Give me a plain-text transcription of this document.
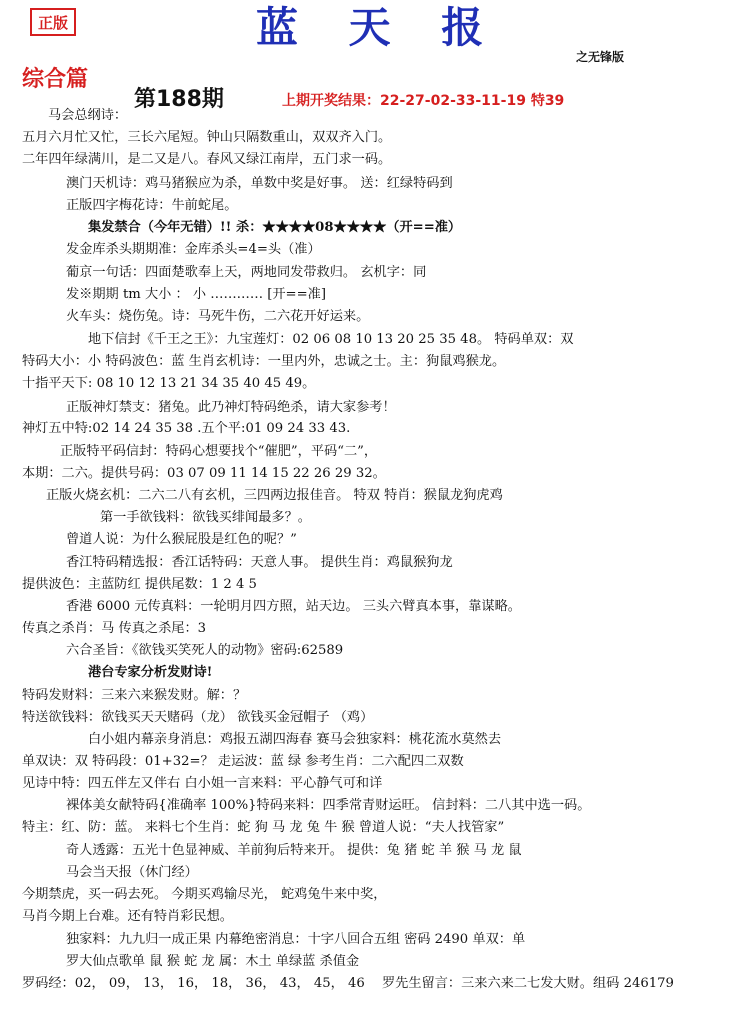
正版	蓝 天 报
之无锋版
综合篇
第188期	上期开奖结果：22-27-02-33-11-19 特39
马会总纲诗：
五月六月忙又忙，三长六尾短。钟山只隔数重山，双双齐入门。
二年四年绿满川，是二又是八。春风又绿江南岸，五门求一码。
澳门天机诗：鸡马猪猴应为杀，单数中奖是好事。 送：红绿特码到
正版四字梅花诗：牛前蛇尾。
集发禁合（今年无错）!! 杀：★★★★08★★★★（开==准）
发金库杀头期期准：金库杀头=4=头（准）
葡京一句话：四面楚歌奉上天，两地同发带救归。 玄机字：同
发※期期 tm 大小 ： 小 ………… [开==准]
火车头：烧伤兔。诗：马死牛伤，二六花开好运来。
地下信封《千王之王》：九宝莲灯：02 06 08 10 13 20 25 35 48。 特码单双：双
特码大小：小 特码波色：蓝 生肖玄机诗：一里内外，忠诚之士。主：狗鼠鸡猴龙。
十指平天下: 08 10 12 13 21 34 35 40 45 49。
正版神灯禁支：猪兔。此乃神灯特码绝杀，请大家参考！
神灯五中特:02 14 24 35 38 .五个平:01 09 24 33 43.
正版特平码信封：特码心想要找个“催肥”，平码“二”，
本期：二六。提供号码：03 07 09 11 14 15 22 26 29 32。
正版火烧玄机：二六二八有玄机，三四两边报佳音。 特双 特肖：猴鼠龙狗虎鸡
第一手欲钱料：欲钱买绯闻最多？。
曾道人说：为什么猴屁股是红色的呢？”
香江特码精选报：香江话特码：天意人事。 提供生肖：鸡鼠猴狗龙
提供波色：主蓝防红 提供尾数：1 2 4 5
香港 6000 元传真料：一轮明月四方照，站天边。 三头六臂真本事，靠谋略。
传真之杀肖：马 传真之杀尾：3
六合圣旨：《欲钱买笑死人的动物》密码:62589
港台专家分析发财诗!
特码发财料：三来六来猴发财。解：？
特送欲钱料：欲钱买天天赌码（龙） 欲钱买金冠帽子 （鸡）
白小姐内幕亲身消息：鸡报五湖四海春 赛马会独家料：桃花流水莫然去
单双诀：双 特码段：01+32=？ 走运波：蓝 绿 参考生肖：二六配四二双数
见诗中特：四五伴左又伴右 白小姐一言来料：平心静气可和详
裸体美女献特码{准确率 100%}特码来料：四季常青财运旺。 信封料：二八其中选一码。
特主：红、防：蓝。 来料七个生肖：蛇 狗 马 龙 兔 牛 猴 曾道人说：“夫人找管家”
奇人透露：五光十色显神威、羊前狗后特来开。 提供：兔 猪 蛇 羊 猴 马 龙 鼠
马会当天报（休门经）
今期禁虎，买一码去死。 今期买鸡输尽光， 蛇鸡兔牛来中奖，
马肖今期上台难。还有特肖彩民想。
独家料：九九归一成正果 内幕绝密消息：十字八回合五组 密码 2490 单双：单
罗大仙点歌单 鼠 猴 蛇 龙 属：木土 单绿蓝 杀值金
罗码经：02， 09， 13， 16， 18， 36， 43， 45， 46 罗先生留言：三来六来二七发大财。组码 246179
